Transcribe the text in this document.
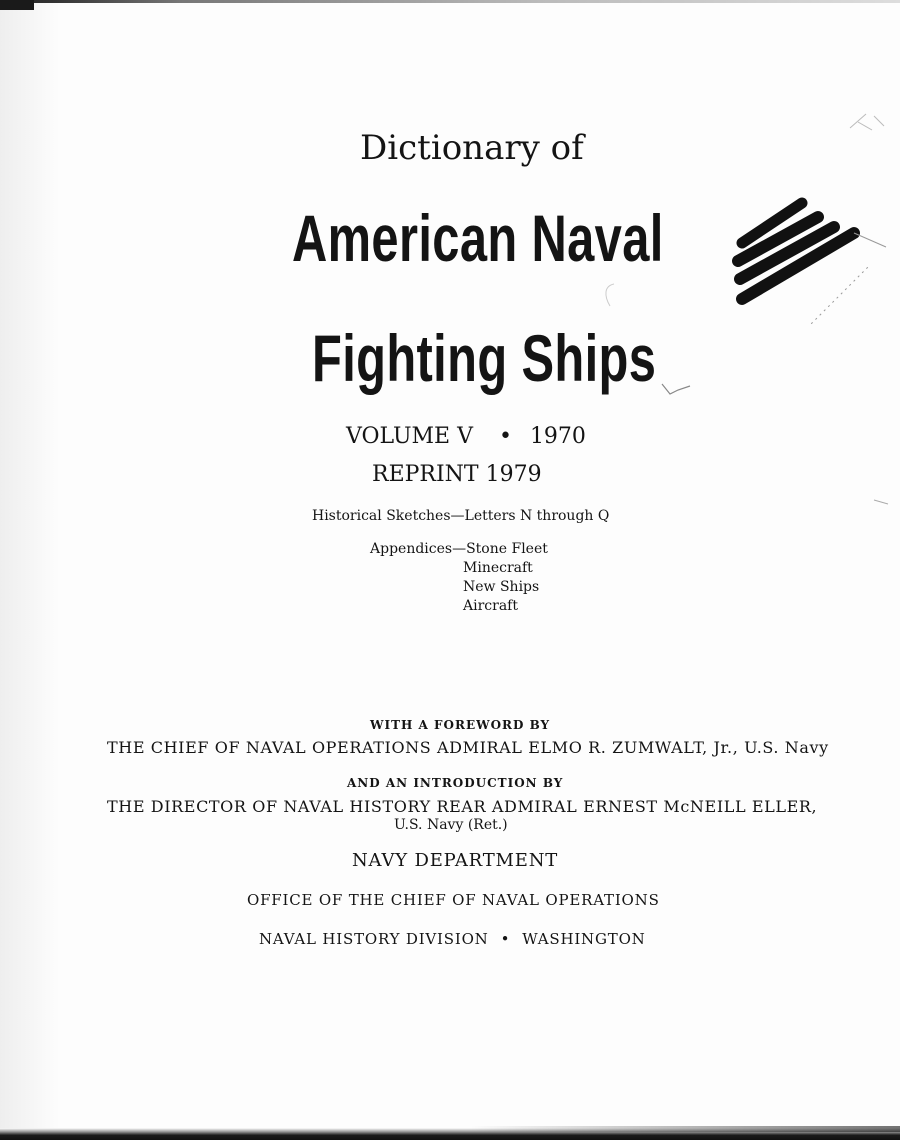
Dictionary of
American Naval
Fighting Ships
VOLUME V • 1970
REPRINT 1979
Historical Sketches—Letters N through Q
Appendices—Stone Fleet
Minecraft
New Ships
Aircraft
WITH A FOREWORD BY
THE CHIEF OF NAVAL OPERATIONS ADMIRAL ELMO R. ZUMWALT, Jr., U.S. Navy
AND AN INTRODUCTION BY
THE DIRECTOR OF NAVAL HISTORY REAR ADMIRAL ERNEST McNEILL ELLER,
U.S. Navy (Ret.)
NAVY DEPARTMENT
OFFICE OF THE CHIEF OF NAVAL OPERATIONS
NAVAL HISTORY DIVISION • WASHINGTON
